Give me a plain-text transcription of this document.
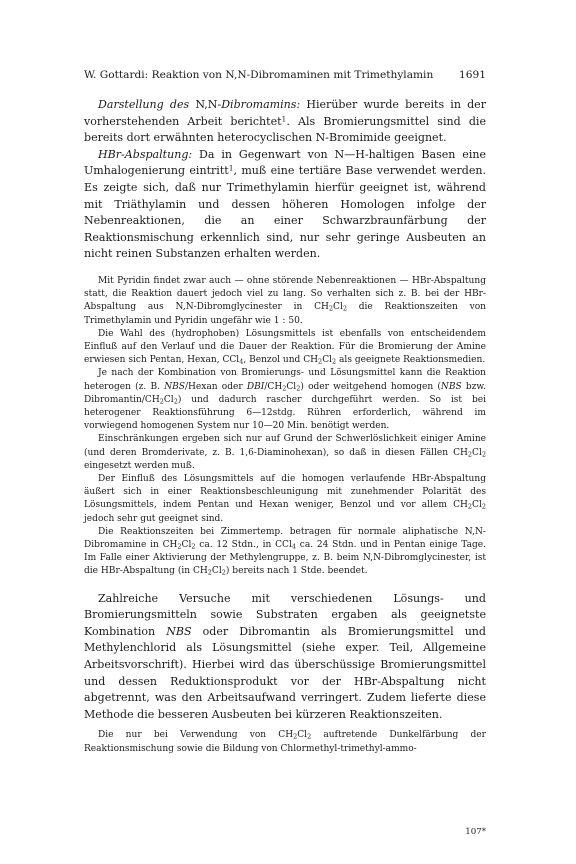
W. Gottardi: Reaktion von N,N-Dibromaminen mit Trimethylamin 1691

Darstellung des N,N-Dibromamins: Hierüber wurde bereits in der vorherstehenden Arbeit berichtet$^1$. Als Bromierungsmittel sind die bereits dort erwähnten heterocyclischen N-Bromimide geeignet.

HBr-Abspaltung: Da in Gegenwart von N—H-haltigen Basen eine Umhalogenierung eintritt$^1$, muß eine tertiäre Base verwendet werden. Es zeigte sich, daß nur Trimethylamin hierfür geeignet ist, während mit Triäthylamin und dessen höheren Homologen infolge der Nebenreaktionen, die an einer Schwarzbraunfärbung der Reaktionsmischung erkennlich sind, nur sehr geringe Ausbeuten an nicht reinen Substanzen erhalten werden.

Mit Pyridin findet zwar auch — ohne störende Nebenreaktionen — HBr-Abspaltung statt, die Reaktion dauert jedoch viel zu lang. So verhalten sich z. B. bei der HBr-Abspaltung aus N,N-Dibromglycinester in $CH_2Cl_2$ die Reaktionszeiten von Trimethylamin und Pyridin ungefähr wie 1 : 50.

Die Wahl des (hydrophoben) Lösungsmittels ist ebenfalls von entscheidendem Einfluß auf den Verlauf und die Dauer der Reaktion. Für die Bromierung der Amine erwiesen sich Pentan, Hexan, CCl$_4$, Benzol und $CH_2Cl_2$ als geeignete Reaktionsmedien.

Je nach der Kombination von Bromierungs- und Lösungsmittel kann die Reaktion heterogen (z. B. NBS/Hexan oder DBI/$CH_2Cl_2$) oder weitgehend homogen (NBS bzw. Dibromantin/$CH_2Cl_2$) und dadurch rascher durchgeführt werden. So ist bei heterogener Reaktionsführung 6—12stdg. Rühren erforderlich, während im vorwiegend homogenen System nur 10—20 Min. benötigt werden.

Einschränkungen ergeben sich nur auf Grund der Schwerlöslichkeit einiger Amine (und deren Bromderivate, z. B. 1,6-Diaminohexan), so daß in diesen Fällen $CH_2Cl_2$ eingesetzt werden muß.

Der Einfluß des Lösungsmittels auf die homogen verlaufende HBr-Abspaltung äußert sich in einer Reaktionsbeschleunigung mit zunehmender Polarität des Lösungsmittels, indem Pentan und Hexan weniger, Benzol und vor allem $CH_2Cl_2$ jedoch sehr gut geeignet sind.

Die Reaktionszeiten bei Zimmertemp. betragen für normale aliphatische N,N-Dibromamine in $CH_2Cl_2$ ca. 12 Stdn., in CCl$_4$ ca. 24 Stdn. und in Pentan einige Tage. Im Falle einer Aktivierung der Methylengruppe, z. B. beim N,N-Dibromglycinester, ist die HBr-Abspaltung (in $CH_2Cl_2$) bereits nach 1 Stde. beendet.

Zahlreiche Versuche mit verschiedenen Lösungs- und Bromierungsmitteln sowie Substraten ergaben als geeignetste Kombination NBS oder Dibromantin als Bromierungsmittel und Methylenchlorid als Lösungsmittel (siehe exper. Teil, Allgemeine Arbeitsvorschrift). Hierbei wird das überschüssige Bromierungsmittel und dessen Reduktionsprodukt vor der HBr-Abspaltung nicht abgetrennt, was den Arbeitsaufwand verringert. Zudem lieferte diese Methode die besseren Ausbeuten bei kürzeren Reaktionszeiten.

Die nur bei Verwendung von $CH_2Cl_2$ auftretende Dunkelfärbung der Reaktionsmischung sowie die Bildung von Chlormethyl-trimethyl-ammo-

107*
